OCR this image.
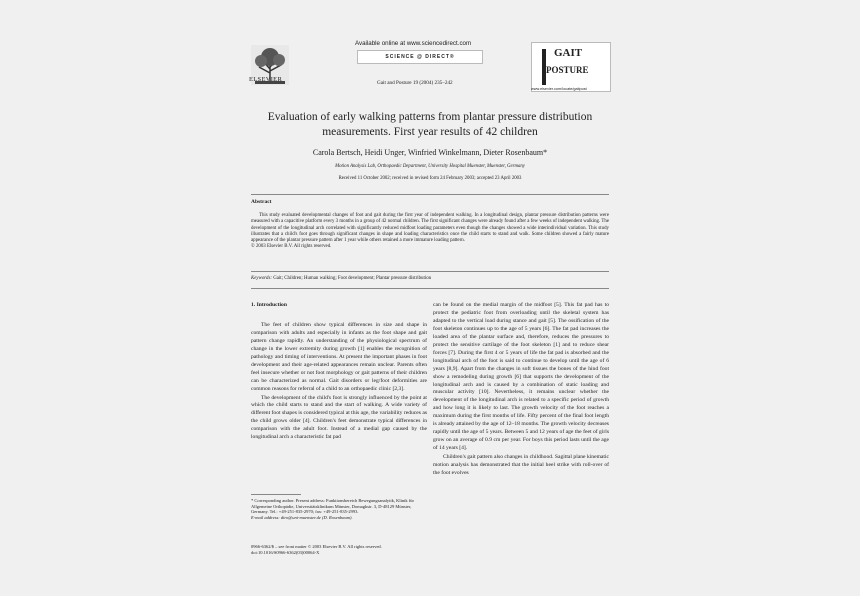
ELSEVIER
Available online at www.sciencedirect.com
SCIENCE @ DIRECT®
Gait and Posture 19 (2004) 235–242
GAIT
POSTURE
www.elsevier.com/locate/gaitpost
Evaluation of early walking patterns from plantar pressure distribution measurements. First year results of 42 children
Carola Bertsch, Heidi Unger, Winfried Winkelmann, Dieter Rosenbaum*
Motion Analysis Lab, Orthopaedic Department, University Hospital Muenster, Muenster, Germany
Received 11 October 2002; received in revised form 24 February 2003; accepted 23 April 2003
Abstract
This study evaluated developmental changes of foot and gait during the first year of independent walking. In a longitudinal design, plantar pressure distribution patterns were measured with a capacitive platform every 3 months in a group of 42 normal children. The first significant changes were already found after a few weeks of independent walking. The development of the longitudinal arch correlated with significantly reduced midfoot loading parameters even though the changes showed a wide interindividual variation. This study illustrates that a child's foot goes through significant changes in shape and loading characteristics once the child starts to stand and walk. Some children showed a fairly mature appearance of the plantar pressure pattern after 1 year while others retained a more immature loading pattern.
© 2003 Elsevier B.V. All rights reserved.
Keywords: Gait; Children; Human walking; Foot development; Plantar pressure distribution
1. Introduction

The feet of children show typical differences in size and shape in comparison with adults and especially in infants as the foot shape and gait pattern change rapidly. An understanding of the physiological spectrum of change in the lower extremity during growth [1] enables the recognition of pathology and timing of interventions. At present the important phases in foot development and their age-related appearances remain unclear. Parents often feel insecure whether or not foot morphology or gait patterns of their children can be characterized as normal. Gait disorders or leg/foot deformities are common reasons for referral of a child to an orthopaedic clinic [2,3].

The development of the child's foot is strongly influenced by the point at which the child starts to stand and the start of walking. A wide variety of different foot shapes is considered typical at this age, the variability reduces as the child grows older [4]. Children's feet demonstrate typical differences in comparison with the adult foot. Instead of a medial gap caused by the longitudinal arch a characteristic fat pad

can be found on the medial margin of the midfoot [5]. This fat pad has to protect the pediatric foot from overloading until the skeletal system has adapted to the vertical load during stance and gait [5]. The ossification of the foot skeleton continues up to the age of 5 years [6]. The fat pad increases the loaded area of the plantar surface and, therefore, reduces the pressures to protect the sensitive cartilage of the foot skeleton [1] and to reduce shear forces [7]. During the first 4 or 5 years of life the fat pad is absorbed and the longitudinal arch of the foot is said to continue to develop until the age of 6 years [8,9]. Apart from the changes in soft tissues the bones of the hind foot show a remodeling during growth [6] that supports the development of the longitudinal arch and is caused by a combination of static loading and muscular activity [10]. Nevertheless, it remains unclear whether the development of the longitudinal arch is related to a specific period of growth and how long it is likely to last. The growth velocity of the foot reaches a maximum during the first months of life. Fifty percent of the final foot length is already attained by the age of 12–18 months. The growth velocity decreases rapidly until the age of 5 years. Between 5 and 12 years of age the feet of girls grow on an average of 0.9 cm per year. For boys this period lasts until the age of 14 years [4].

Children's gait pattern also changes in childhood. Sagittal plane kinematic motion analysis has demonstrated that the initial heel strike with roll-over of the foot evolves

* Corresponding author. Present address: Funktionsbereich Bewegungsanalytik, Klinik für Allgemeine Orthopädie, Universitätsklinikum Münster, Domagkstr. 3, D-48129 Münster, Germany. Tel.: +49-251-835-2970; fax: +49-251-835-2993.
E-mail address: diro@uni-muenster.de (D. Rosenbaum).
0966-6362/$ – see front matter © 2003 Elsevier B.V. All rights reserved.
doi:10.1016/S0966-6362(03)00064-X
